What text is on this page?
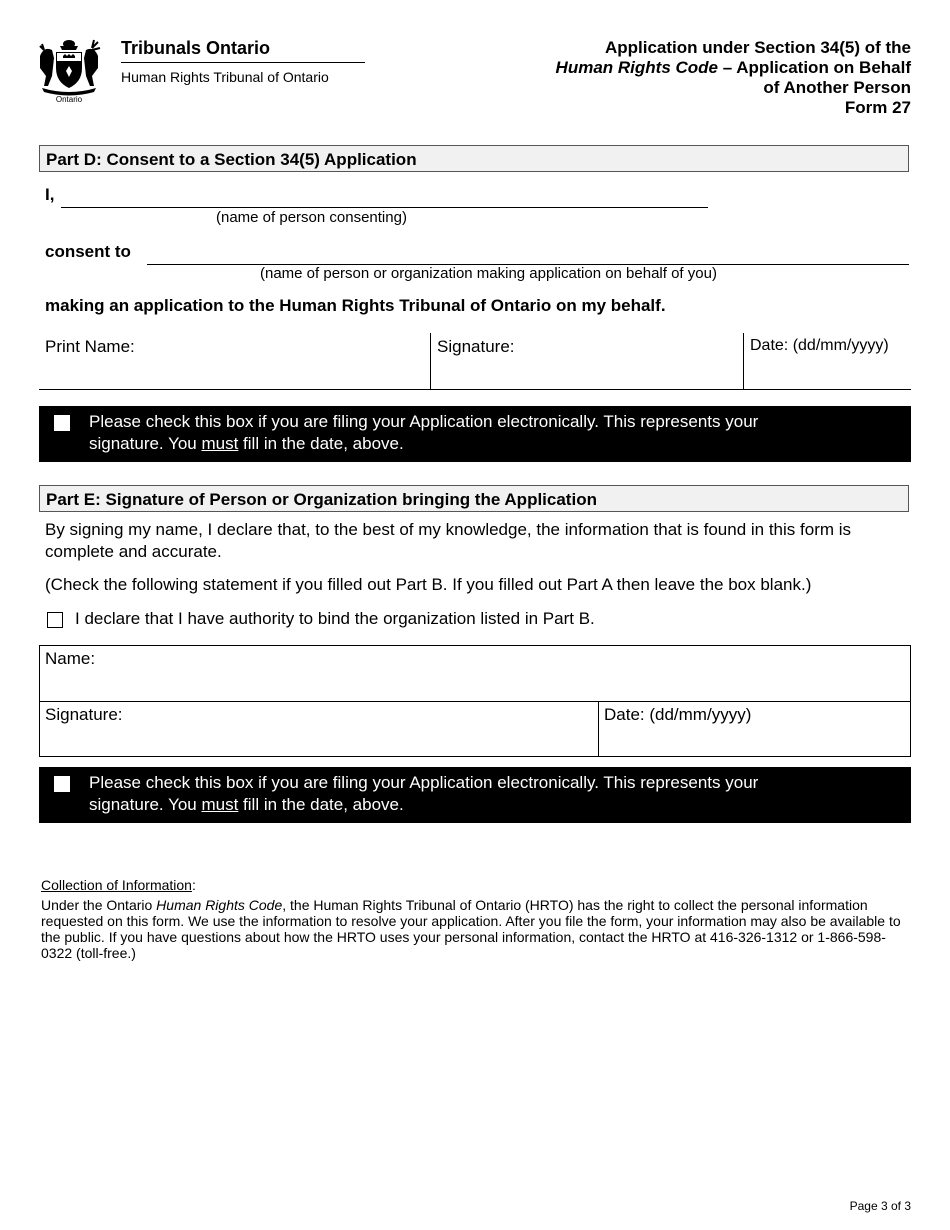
Ontario
Tribunals Ontario
Human Rights Tribunal of Ontario
Application under Section 34(5) of the
Human Rights Code – Application on Behalf
of Another Person
Form 27
Part D: Consent to a Section 34(5) Application
I,
(name of person consenting)
consent to
(name of person or organization making application on behalf of you)
making an application to the Human Rights Tribunal of Ontario on my behalf.
Print Name:	Signature:	Date: (dd/mm/yyyy)
Please check this box if you are filing your Application electronically. This represents your
signature. You must fill in the date, above.
Part E: Signature of Person or Organization bringing the Application
By signing my name, I declare that, to the best of my knowledge, the information that is found in this form is complete and accurate.
(Check the following statement if you filled out Part B. If you filled out Part A then leave the box blank.)
I declare that I have authority to bind the organization listed in Part B.
Name:
Signature:	Date: (dd/mm/yyyy)
Please check this box if you are filing your Application electronically. This represents your
signature. You must fill in the date, above.
Collection of Information:
Under the Ontario Human Rights Code, the Human Rights Tribunal of Ontario (HRTO) has the right to collect the personal information requested on this form. We use the information to resolve your application. After you file the form, your information may also be available to the public. If you have questions about how the HRTO uses your personal information, contact the HRTO at 416-326-1312 or 1-866-598-0322 (toll-free.)
Page 3 of 3
